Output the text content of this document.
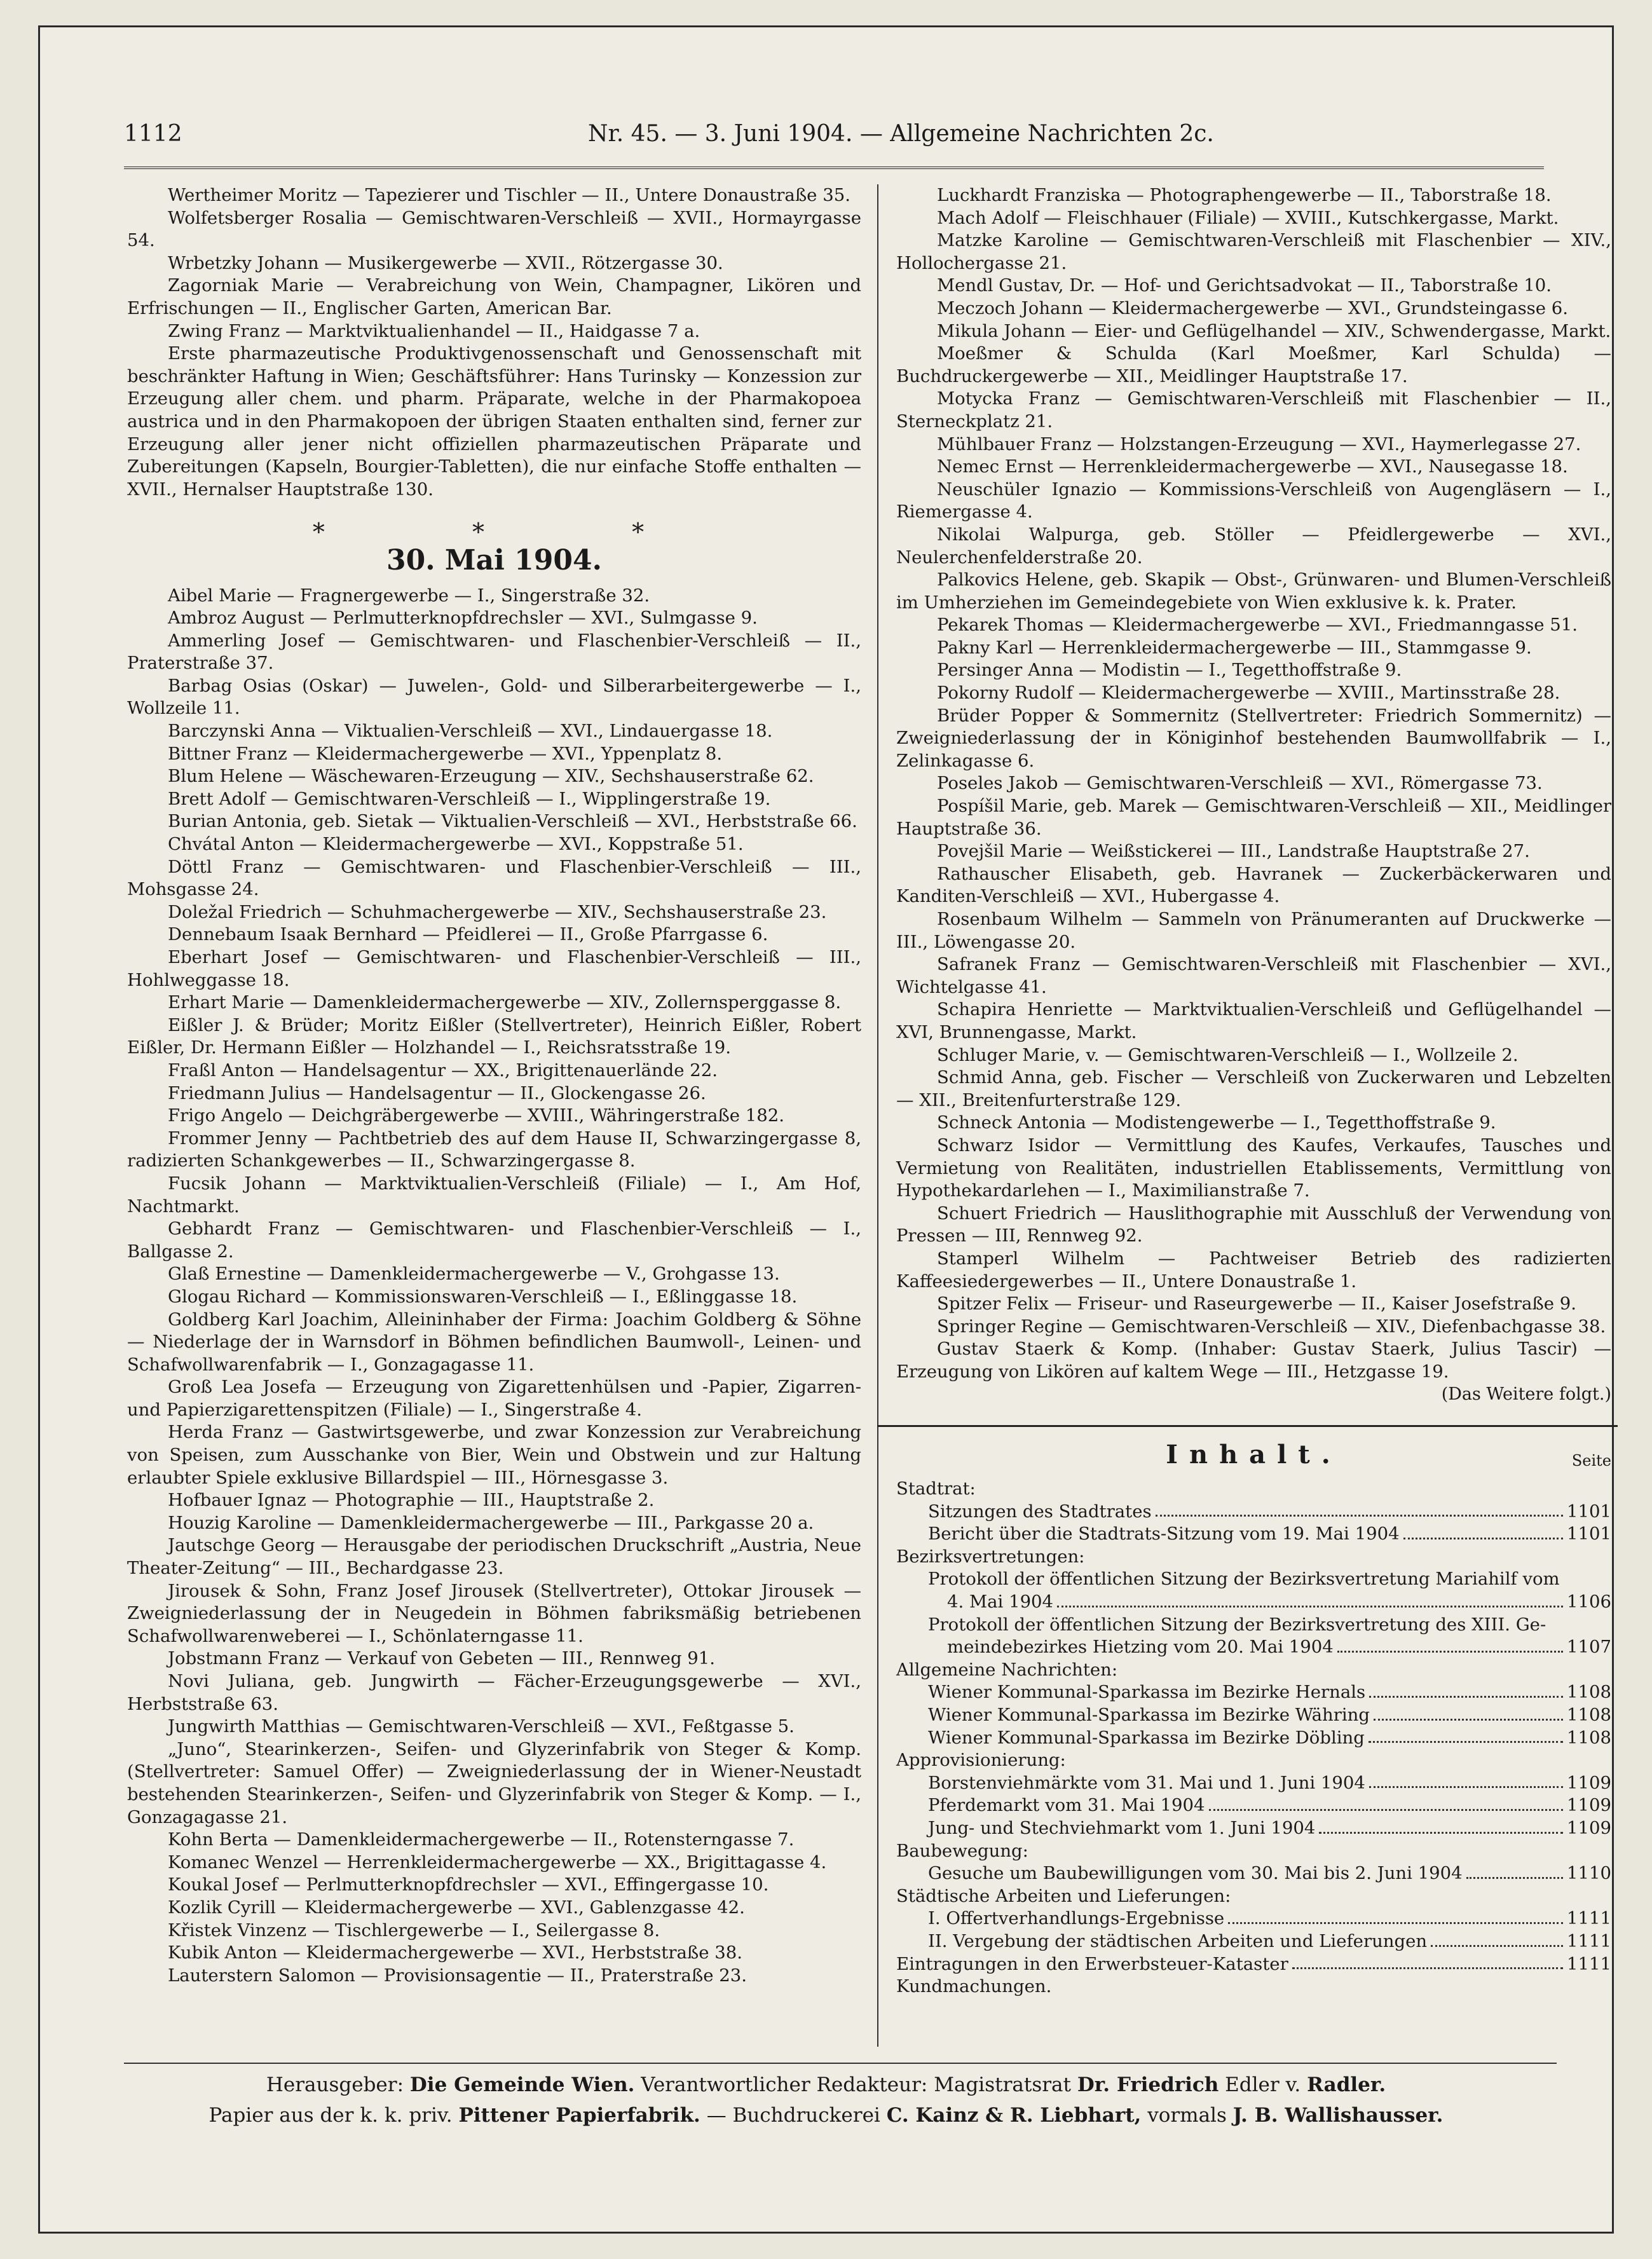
1112	Nr. 45. — 3. Juni 1904. — Allgemeine Nachrichten 2c.

Wertheimer Moritz — Tapezierer und Tischler — II., Untere Donaustraße 35.

Wolfetsberger Rosalia — Gemischtwaren-Verschleiß — XVII., Hormayrgasse 54.

Wrbetzky Johann — Musikergewerbe — XVII., Rötzergasse 30.

Zagorniak Marie — Verabreichung von Wein, Champagner, Likören und Erfrischungen — II., Englischer Garten, American Bar.

Zwing Franz — Marktviktualienhandel — II., Haidgasse 7 a.

Erste pharmazeutische Produktivgenossenschaft und Genossenschaft mit beschränkter Haftung in Wien; Geschäftsführer: Hans Turinsky — Konzession zur Erzeugung aller chem. und pharm. Präparate, welche in der Pharmakopoea austrica und in den Pharmakopoen der übrigen Staaten enthalten sind, ferner zur Erzeugung aller jener nicht offiziellen pharmazeutischen Präparate und Zubereitungen (Kapseln, Bourgier-Tabletten), die nur einfache Stoffe enthalten — XVII., Hernalser Hauptstraße 130.

* * *
30. Mai 1904.

Aibel Marie — Fragnergewerbe — I., Singerstraße 32.

Ambroz August — Perlmutterknopfdrechsler — XVI., Sulmgasse 9.

Ammerling Josef — Gemischtwaren- und Flaschenbier-Verschleiß — II., Praterstraße 37.

Barbag Osias (Oskar) — Juwelen-, Gold- und Silberarbeitergewerbe — I., Wollzeile 11.

Barczynski Anna — Viktualien-Verschleiß — XVI., Lindauergasse 18.

Bittner Franz — Kleidermachergewerbe — XVI., Yppenplatz 8.

Blum Helene — Wäschewaren-Erzeugung — XIV., Sechshauserstraße 62.

Brett Adolf — Gemischtwaren-Verschleiß — I., Wipplingerstraße 19.

Burian Antonia, geb. Sietak — Viktualien-Verschleiß — XVI., Herbststraße 66.

Chvátal Anton — Kleidermachergewerbe — XVI., Koppstraße 51.

Döttl Franz — Gemischtwaren- und Flaschenbier-Verschleiß — III., Mohsgasse 24.

Doležal Friedrich — Schuhmachergewerbe — XIV., Sechshauserstraße 23.

Dennebaum Isaak Bernhard — Pfeidlerei — II., Große Pfarrgasse 6.

Eberhart Josef — Gemischtwaren- und Flaschenbier-Verschleiß — III., Hohlweggasse 18.

Erhart Marie — Damenkleidermachergewerbe — XIV., Zollernsperggasse 8.

Eißler J. & Brüder; Moritz Eißler (Stellvertreter), Heinrich Eißler, Robert Eißler, Dr. Hermann Eißler — Holzhandel — I., Reichsratsstraße 19.

Fraßl Anton — Handelsagentur — XX., Brigittenauerlände 22.

Friedmann Julius — Handelsagentur — II., Glockengasse 26.

Frigo Angelo — Deichgräbergewerbe — XVIII., Währingerstraße 182.

Frommer Jenny — Pachtbetrieb des auf dem Hause II, Schwarzingergasse 8, radizierten Schankgewerbes — II., Schwarzingergasse 8.

Fucsik Johann — Marktviktualien-Verschleiß (Filiale) — I., Am Hof, Nachtmarkt.

Gebhardt Franz — Gemischtwaren- und Flaschenbier-Verschleiß — I., Ballgasse 2.

Glaß Ernestine — Damenkleidermachergewerbe — V., Grohgasse 13.

Glogau Richard — Kommissionswaren-Verschleiß — I., Eßlinggasse 18.

Goldberg Karl Joachim, Alleininhaber der Firma: Joachim Goldberg & Söhne — Niederlage der in Warnsdorf in Böhmen befindlichen Baumwoll-, Leinen- und Schafwollwarenfabrik — I., Gonzagagasse 11.

Groß Lea Josefa — Erzeugung von Zigarettenhülsen und -Papier, Zigarren- und Papierzigarettenspitzen (Filiale) — I., Singerstraße 4.

Herda Franz — Gastwirtsgewerbe, und zwar Konzession zur Verabreichung von Speisen, zum Ausschanke von Bier, Wein und Obstwein und zur Haltung erlaubter Spiele exklusive Billardspiel — III., Hörnesgasse 3.

Hofbauer Ignaz — Photographie — III., Hauptstraße 2.

Houzig Karoline — Damenkleidermachergewerbe — III., Parkgasse 20 a.

Jautschge Georg — Herausgabe der periodischen Druckschrift „Austria, Neue Theater-Zeitung“ — III., Bechardgasse 23.

Jirousek & Sohn, Franz Josef Jirousek (Stellvertreter), Ottokar Jirousek — Zweigniederlassung der in Neugedein in Böhmen fabriksmäßig betriebenen Schafwollwarenweberei — I., Schönlaterngasse 11.

Jobstmann Franz — Verkauf von Gebeten — III., Rennweg 91.

Novi Juliana, geb. Jungwirth — Fächer-Erzeugungsgewerbe — XVI., Herbststraße 63.

Jungwirth Matthias — Gemischtwaren-Verschleiß — XVI., Feßtgasse 5.

„Juno“, Stearinkerzen-, Seifen- und Glyzerinfabrik von Steger & Komp. (Stellvertreter: Samuel Offer) — Zweigniederlassung der in Wiener-Neustadt bestehenden Stearinkerzen-, Seifen- und Glyzerinfabrik von Steger & Komp. — I., Gonzagagasse 21.

Kohn Berta — Damenkleidermachergewerbe — II., Rotensterngasse 7.

Komanec Wenzel — Herrenkleidermachergewerbe — XX., Brigittagasse 4.

Koukal Josef — Perlmutterknopfdrechsler — XVI., Effingergasse 10.

Kozlik Cyrill — Kleidermachergewerbe — XVI., Gablenzgasse 42.

Křistek Vinzenz — Tischlergewerbe — I., Seilergasse 8.

Kubik Anton — Kleidermachergewerbe — XVI., Herbststraße 38.

Lauterstern Salomon — Provisionsagentie — II., Praterstraße 23.

Luckhardt Franziska — Photographengewerbe — II., Taborstraße 18.

Mach Adolf — Fleischhauer (Filiale) — XVIII., Kutschkergasse, Markt.

Matzke Karoline — Gemischtwaren-Verschleiß mit Flaschenbier — XIV., Hollochergasse 21.

Mendl Gustav, Dr. — Hof- und Gerichtsadvokat — II., Taborstraße 10.

Meczoch Johann — Kleidermachergewerbe — XVI., Grundsteingasse 6.

Mikula Johann — Eier- und Geflügelhandel — XIV., Schwendergasse, Markt.

Moeßmer & Schulda (Karl Moeßmer, Karl Schulda) — Buchdruckergewerbe — XII., Meidlinger Hauptstraße 17.

Motycka Franz — Gemischtwaren-Verschleiß mit Flaschenbier — II., Sterneckplatz 21.

Mühlbauer Franz — Holzstangen-Erzeugung — XVI., Haymerlegasse 27.

Nemec Ernst — Herrenkleidermachergewerbe — XVI., Nausegasse 18.

Neuschüler Ignazio — Kommissions-Verschleiß von Augengläsern — I., Riemergasse 4.

Nikolai Walpurga, geb. Stöller — Pfeidlergewerbe — XVI., Neulerchenfelderstraße 20.

Palkovics Helene, geb. Skapik — Obst-, Grünwaren- und Blumen-Verschleiß im Umherziehen im Gemeindegebiete von Wien exklusive k. k. Prater.

Pekarek Thomas — Kleidermachergewerbe — XVI., Friedmanngasse 51.

Pakny Karl — Herrenkleidermachergewerbe — III., Stammgasse 9.

Persinger Anna — Modistin — I., Tegetthoffstraße 9.

Pokorny Rudolf — Kleidermachergewerbe — XVIII., Martinsstraße 28.

Brüder Popper & Sommernitz (Stellvertreter: Friedrich Sommernitz) — Zweigniederlassung der in Königinhof bestehenden Baumwollfabrik — I., Zelinkagasse 6.

Poseles Jakob — Gemischtwaren-Verschleiß — XVI., Römergasse 73.

Pospíšil Marie, geb. Marek — Gemischtwaren-Verschleiß — XII., Meidlinger Hauptstraße 36.

Povejšil Marie — Weißstickerei — III., Landstraße Hauptstraße 27.

Rathauscher Elisabeth, geb. Havranek — Zuckerbäckerwaren und Kanditen-Verschleiß — XVI., Hubergasse 4.

Rosenbaum Wilhelm — Sammeln von Pränumeranten auf Druckwerke — III., Löwengasse 20.

Safranek Franz — Gemischtwaren-Verschleiß mit Flaschenbier — XVI., Wichtelgasse 41.

Schapira Henriette — Marktviktualien-Verschleiß und Geflügelhandel — XVI, Brunnengasse, Markt.

Schluger Marie, v. — Gemischtwaren-Verschleiß — I., Wollzeile 2.

Schmid Anna, geb. Fischer — Verschleiß von Zuckerwaren und Lebzelten — XII., Breitenfurterstraße 129.

Schneck Antonia — Modistengewerbe — I., Tegetthoffstraße 9.

Schwarz Isidor — Vermittlung des Kaufes, Verkaufes, Tausches und Vermietung von Realitäten, industriellen Etablissements, Vermittlung von Hypothekardarlehen — I., Maximilianstraße 7.

Schuert Friedrich — Hauslithographie mit Ausschluß der Verwendung von Pressen — III, Rennweg 92.

Stamperl Wilhelm — Pachtweiser Betrieb des radizierten Kaffeesiedergewerbes — II., Untere Donaustraße 1.

Spitzer Felix — Friseur- und Raseurgewerbe — II., Kaiser Josefstraße 9.

Springer Regine — Gemischtwaren-Verschleiß — XIV., Diefenbachgasse 38.

Gustav Staerk & Komp. (Inhaber: Gustav Staerk, Julius Tascir) — Erzeugung von Likören auf kaltem Wege — III., Hetzgasse 19.

(Das Weitere folgt.)
Inhalt.	Seite
Stadtrat:
Sitzungen des Stadtrates	1101
Bericht über die Stadtrats-Sitzung vom 19. Mai 1904	1101
Bezirksvertretungen:
Protokoll der öffentlichen Sitzung der Bezirksvertretung Mariahilf vom
4. Mai 1904	1106
Protokoll der öffentlichen Sitzung der Bezirksvertretung des XIII. Ge-
meindebezirkes Hietzing vom 20. Mai 1904	1107
Allgemeine Nachrichten:
Wiener Kommunal-Sparkassa im Bezirke Hernals	1108
Wiener Kommunal-Sparkassa im Bezirke Währing	1108
Wiener Kommunal-Sparkassa im Bezirke Döbling	1108
Approvisionierung:
Borstenviehmärkte vom 31. Mai und 1. Juni 1904	1109
Pferdemarkt vom 31. Mai 1904	1109
Jung- und Stechviehmarkt vom 1. Juni 1904	1109
Baubewegung:
Gesuche um Baubewilligungen vom 30. Mai bis 2. Juni 1904	1110
Städtische Arbeiten und Lieferungen:
I. Offertverhandlungs-Ergebnisse	1111
II. Vergebung der städtischen Arbeiten und Lieferungen	1111
Eintragungen in den Erwerbsteuer-Kataster	1111
Kundmachungen.
Herausgeber: Die Gemeinde Wien. Verantwortlicher Redakteur: Magistratsrat Dr. Friedrich Edler v. Radler.
Papier aus der k. k. priv. Pittener Papierfabrik. — Buchdruckerei C. Kainz & R. Liebhart, vormals J. B. Wallishausser.
